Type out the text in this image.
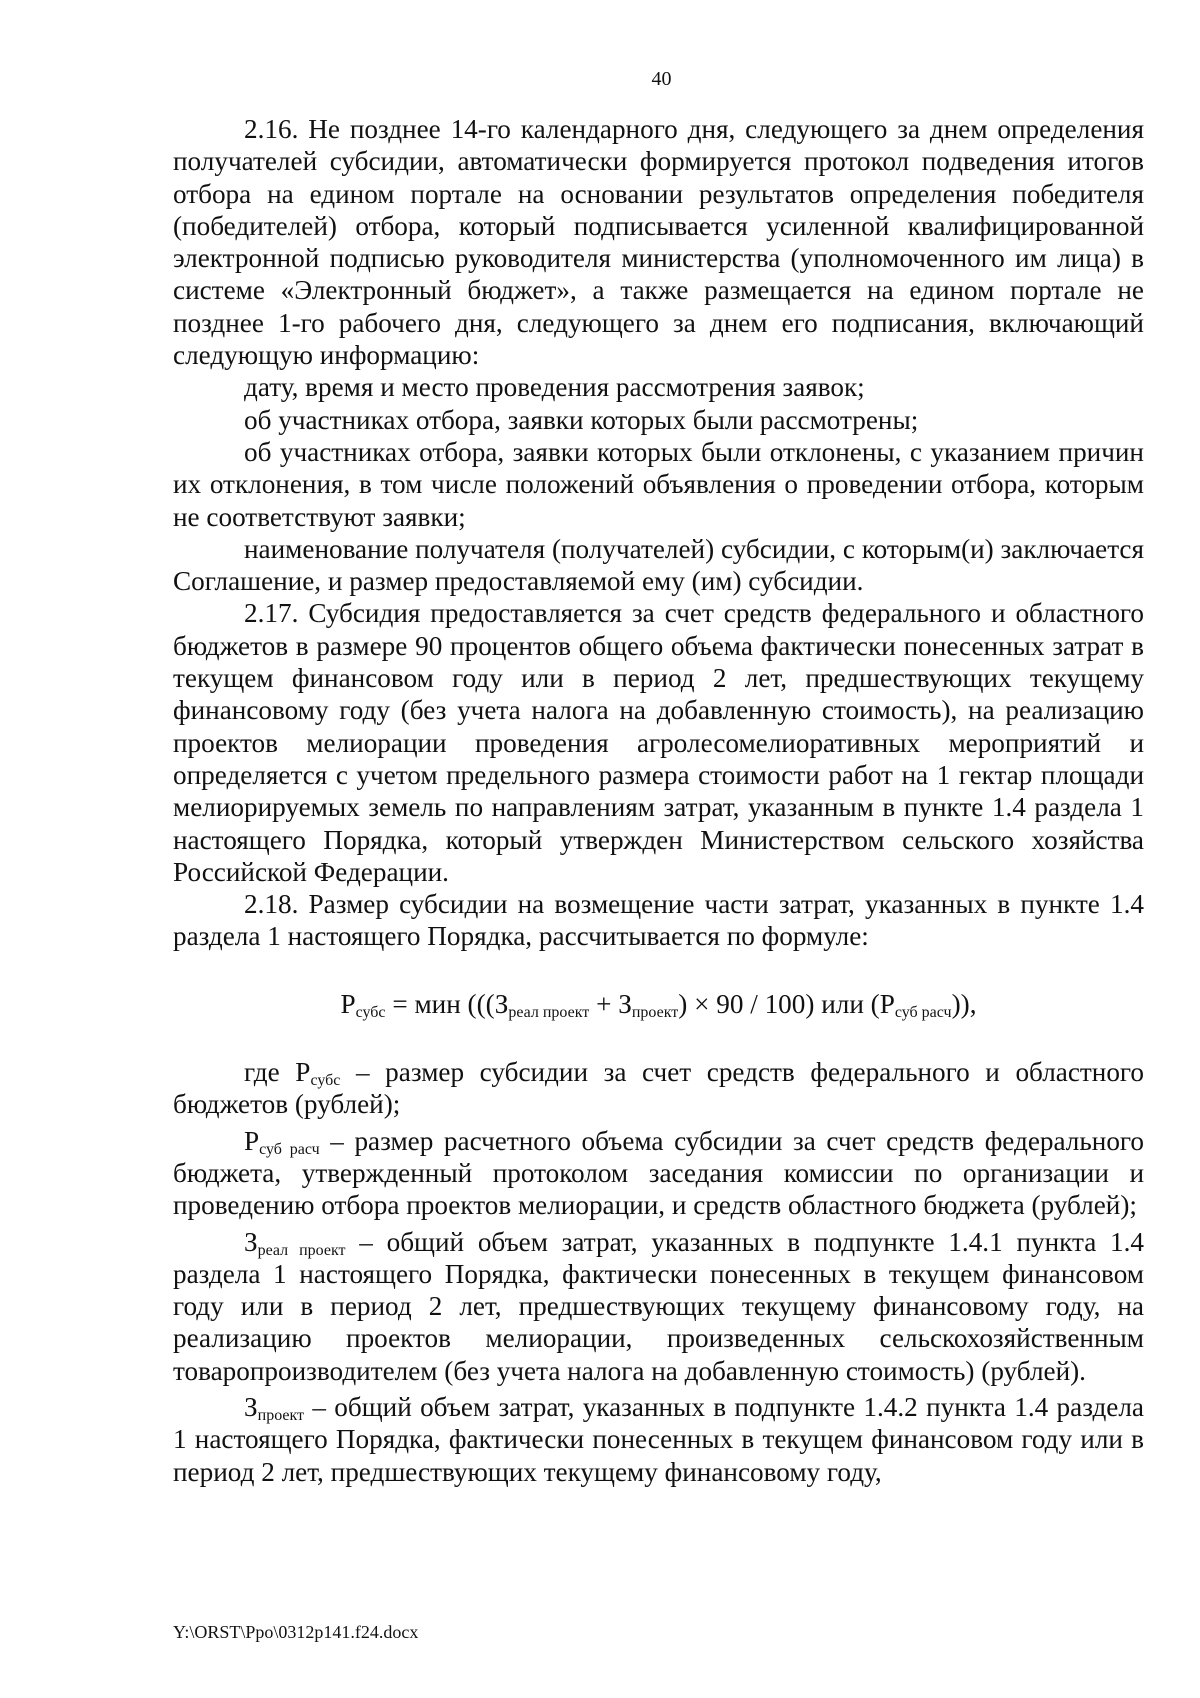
40

2.16. Не позднее 14-го календарного дня, следующего за днем определения получателей субсидии, автоматически формируется протокол подведения итогов отбора на едином портале на основании результатов определения победителя (победителей) отбора, который подписывается усиленной квалифицированной электронной подписью руководителя министерства (уполномоченного им лица) в системе «Электронный бюджет», а также размещается на едином портале не позднее 1-го рабочего дня, следующего за днем его подписания, включающий следующую информацию:

дату, время и место проведения рассмотрения заявок;

об участниках отбора, заявки которых были рассмотрены;

об участниках отбора, заявки которых были отклонены, с указанием причин их отклонения, в том числе положений объявления о проведении отбора, которым не соответствуют заявки;

наименование получателя (получателей) субсидии, с которым(и) заключается Соглашение, и размер предоставляемой ему (им) субсидии.

2.17. Субсидия предоставляется за счет средств федерального и областного бюджетов в размере 90 процентов общего объема фактически понесенных затрат в текущем финансовом году или в период 2 лет, предшествующих текущему финансовому году (без учета налога на добавленную стоимость), на реализацию проектов мелиорации проведения агролесомелиоративных мероприятий и определяется с учетом предельного размера стоимости работ на 1 гектар площади мелиорируемых земель по направлениям затрат, указанным в пункте 1.4 раздела 1 настоящего Порядка, который утвержден Министерством сельского хозяйства Российской Федерации.

2.18. Размер субсидии на возмещение части затрат, указанных в пункте 1.4 раздела 1 настоящего Порядка, рассчитывается по формуле:

$Р_{субс}$ = мин ($((З_{реал проект} + З_{проект}) \times 90 / 100)$ или $(Р_{суб расч})$),

где $Р_{субс}$ – размер субсидии за счет средств федерального и областного бюджетов (рублей);

$Р_{суб расч}$ – размер расчетного объема субсидии за счет средств федерального бюджета, утвержденный протоколом заседания комиссии по организации и проведению отбора проектов мелиорации, и средств областного бюджета (рублей);

$З_{реал проект}$ – общий объем затрат, указанных в подпункте 1.4.1 пункта 1.4 раздела 1 настоящего Порядка, фактически понесенных в текущем финансовом году или в период 2 лет, предшествующих текущему финансовому году, на реализацию проектов мелиорации, произведенных сельскохозяйственным товаропроизводителем (без учета налога на добавленную стоимость) (рублей).

$З_{проект}$ – общий объем затрат, указанных в подпункте 1.4.2 пункта 1.4 раздела 1 настоящего Порядка, фактически понесенных в текущем финансовом году или в период 2 лет, предшествующих текущему финансовому году,

Y:\ORST\Ppo\0312p141.f24.docx
